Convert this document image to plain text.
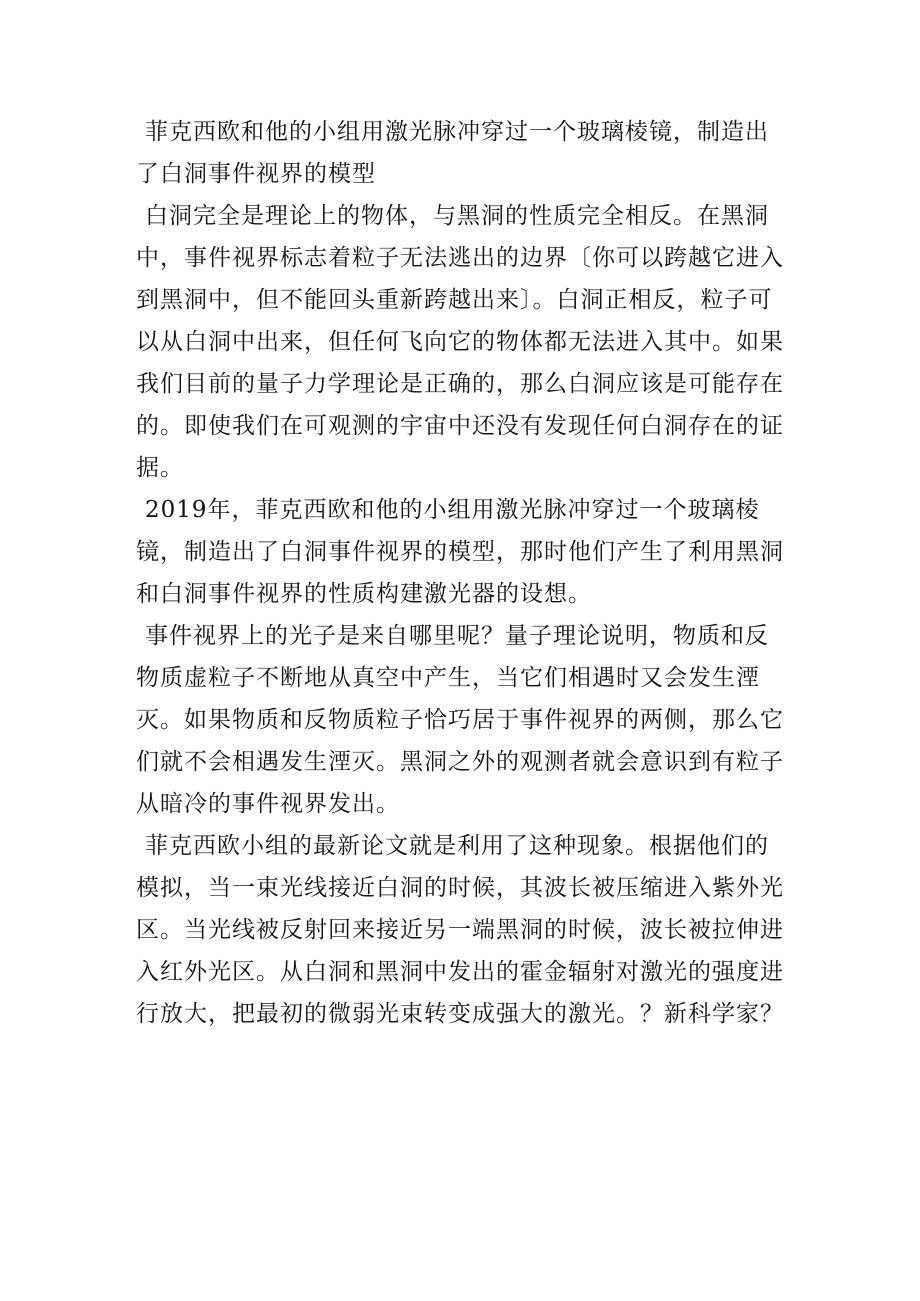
菲克西欧和他的小组用激光脉冲穿过一个玻璃棱镜，制造出了白洞事件视界的模型

白洞完全是理论上的物体，与黑洞的性质完全相反。在黑洞中，事件视界标志着粒子无法逃出的边界〔你可以跨越它进入到黑洞中，但不能回头重新跨越出来〕。白洞正相反，粒子可以从白洞中出来，但任何飞向它的物体都无法进入其中。如果我们目前的量子力学理论是正确的，那么白洞应该是可能存在的。即使我们在可观测的宇宙中还没有发现任何白洞存在的证据。

2019年，菲克西欧和他的小组用激光脉冲穿过一个玻璃棱镜，制造出了白洞事件视界的模型，那时他们产生了利用黑洞和白洞事件视界的性质构建激光器的设想。

事件视界上的光子是来自哪里呢？量子理论说明，物质和反物质虚粒子不断地从真空中产生，当它们相遇时又会发生湮灭。如果物质和反物质粒子恰巧居于事件视界的两侧，那么它们就不会相遇发生湮灭。黑洞之外的观测者就会意识到有粒子从暗冷的事件视界发出。

菲克西欧小组的最新论文就是利用了这种现象。根据他们的模拟，当一束光线接近白洞的时候，其波长被压缩进入紫外光区。当光线被反射回来接近另一端黑洞的时候，波长被拉伸进入红外光区。从白洞和黑洞中发出的霍金辐射对激光的强度进行放大，把最初的微弱光束转变成强大的激光。？新科学家？
